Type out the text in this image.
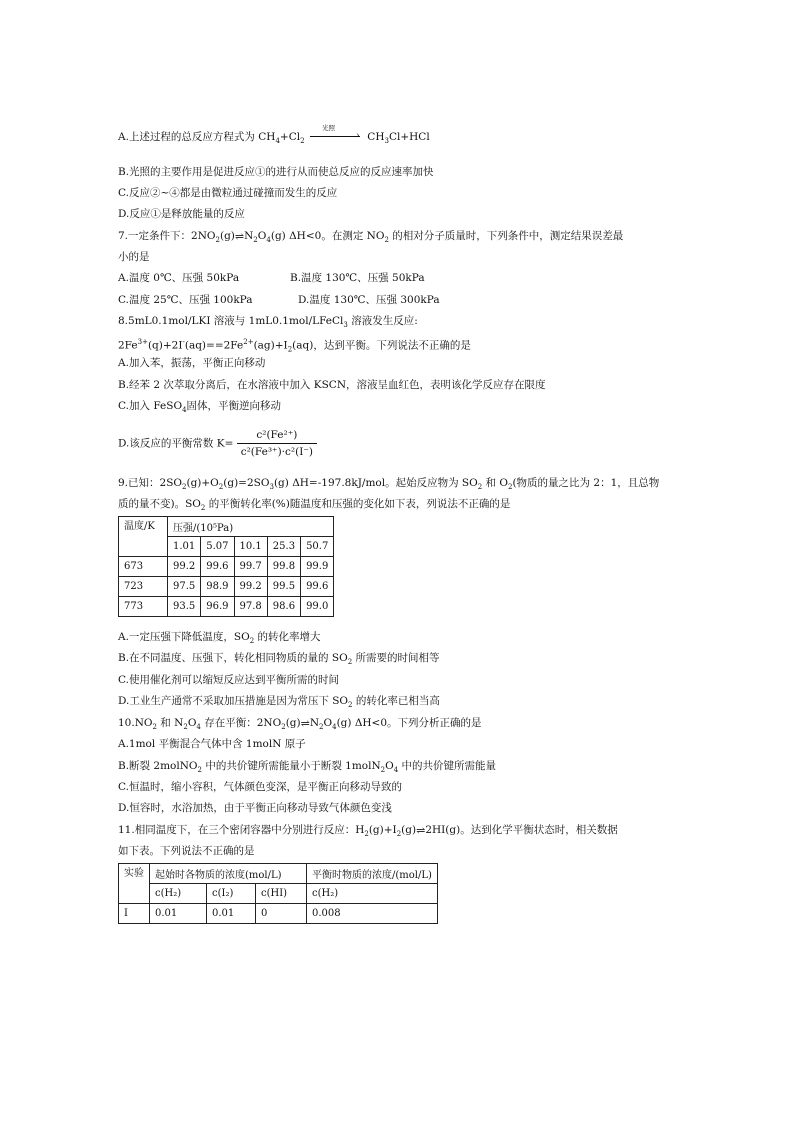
A.上述过程的总反应方程式为 $CH_4+Cl_2$
光照
› $CH_3Cl+HCl$
B.光照的主要作用是促进反应①的进行从而使总反应的反应速率加快
C.反应②~④都是由微粒通过碰撞而发生的反应
D.反应①是释放能量的反应
7.一定条件下：$2NO_2(g)\rightleftharpoons N_2O_4(g)$ ΔH<0。在测定 $NO_2$ 的相对分子质量时，下列条件中，测定结果误差最
小的是
A.温度 0℃、压强 50kPa	B.温度 130℃、压强 50kPa
C.温度 25℃、压强 100kPa	D.温度 130℃、压强 300kPa
8.5mL0.1mol/LKI 溶液与 1mL0.1mol/LFeCl$_3$ 溶液发生反应:
$2Fe^{3+}(q)+2I^-(aq)==2Fe^{2+}(ag)+I_2(aq)$，达到平衡。下列说法不正确的是
A.加入苯，振荡，平衡正向移动
B.经苯 2 次萃取分离后，在水溶液中加入 KSCN，溶液呈血红色，表明该化学反应存在限度
C.加入 FeSO$_4$固体，平衡逆向移动
D.该反应的平衡常数 $K= \frac{\text{c²(Fe²⁺)}}{\text{c²(Fe³⁺)·c²(I⁻)}}$
9.已知：$2SO_2(g)+O_2(g)=2SO_3(g)$ ΔH=-197.8kJ/mol。起始反应物为 $SO_2$ 和 $O_2$(物质的量之比为 2：1，且总物
质的量不变)。$SO_2$ 的平衡转化率(%)随温度和压强的变化如下表，列说法不正确的是
温度/K	压强/(10⁵Pa)				
	1.01	5.07	10.1	25.3	50.7
673	99.2	99.6	99.7	99.8	99.9
723	97.5	98.9	99.2	99.5	99.6
773	93.5	96.9	97.8	98.6	99.0
A.一定压强下降低温度，$SO_2$ 的转化率增大
B.在不同温度、压强下，转化相同物质的量的 $SO_2$ 所需要的时间相等
C.使用催化剂可以缩短反应达到平衡所需的时间
D.工业生产通常不采取加压措施是因为常压下 $SO_2$ 的转化率已相当高
$10.NO_2$ 和 $N_2O_4$ 存在平衡：$2NO_2(g)\rightleftharpoons N_2O_4(g)$ ΔH<0。下列分析正确的是
A.1mol 平衡混合气体中含 1molN 原子
B.断裂 2molNO$_2$ 中的共价键所需能量小于断裂 $1molN_2O_4$ 中的共价键所需能量
C.恒温时，缩小容积，气体颜色变深，是平衡正向移动导致的
D.恒容时，水浴加热，由于平衡正向移动导致气体颜色变浅
11.相同温度下，在三个密闭容器中分别进行反应：$H_2(g)+I_2(g)\rightleftharpoons 2HI(g)$。达到化学平衡状态时，相关数据
如下表。下列说法不正确的是
实验	起始时各物质的浓度(mol/L)			平衡时物质的浓度/(mol/L)
	c(H₂)	c(I₂)	c(HI)	c(H₂)
Ⅰ	0.01	0.01	0	0.008
